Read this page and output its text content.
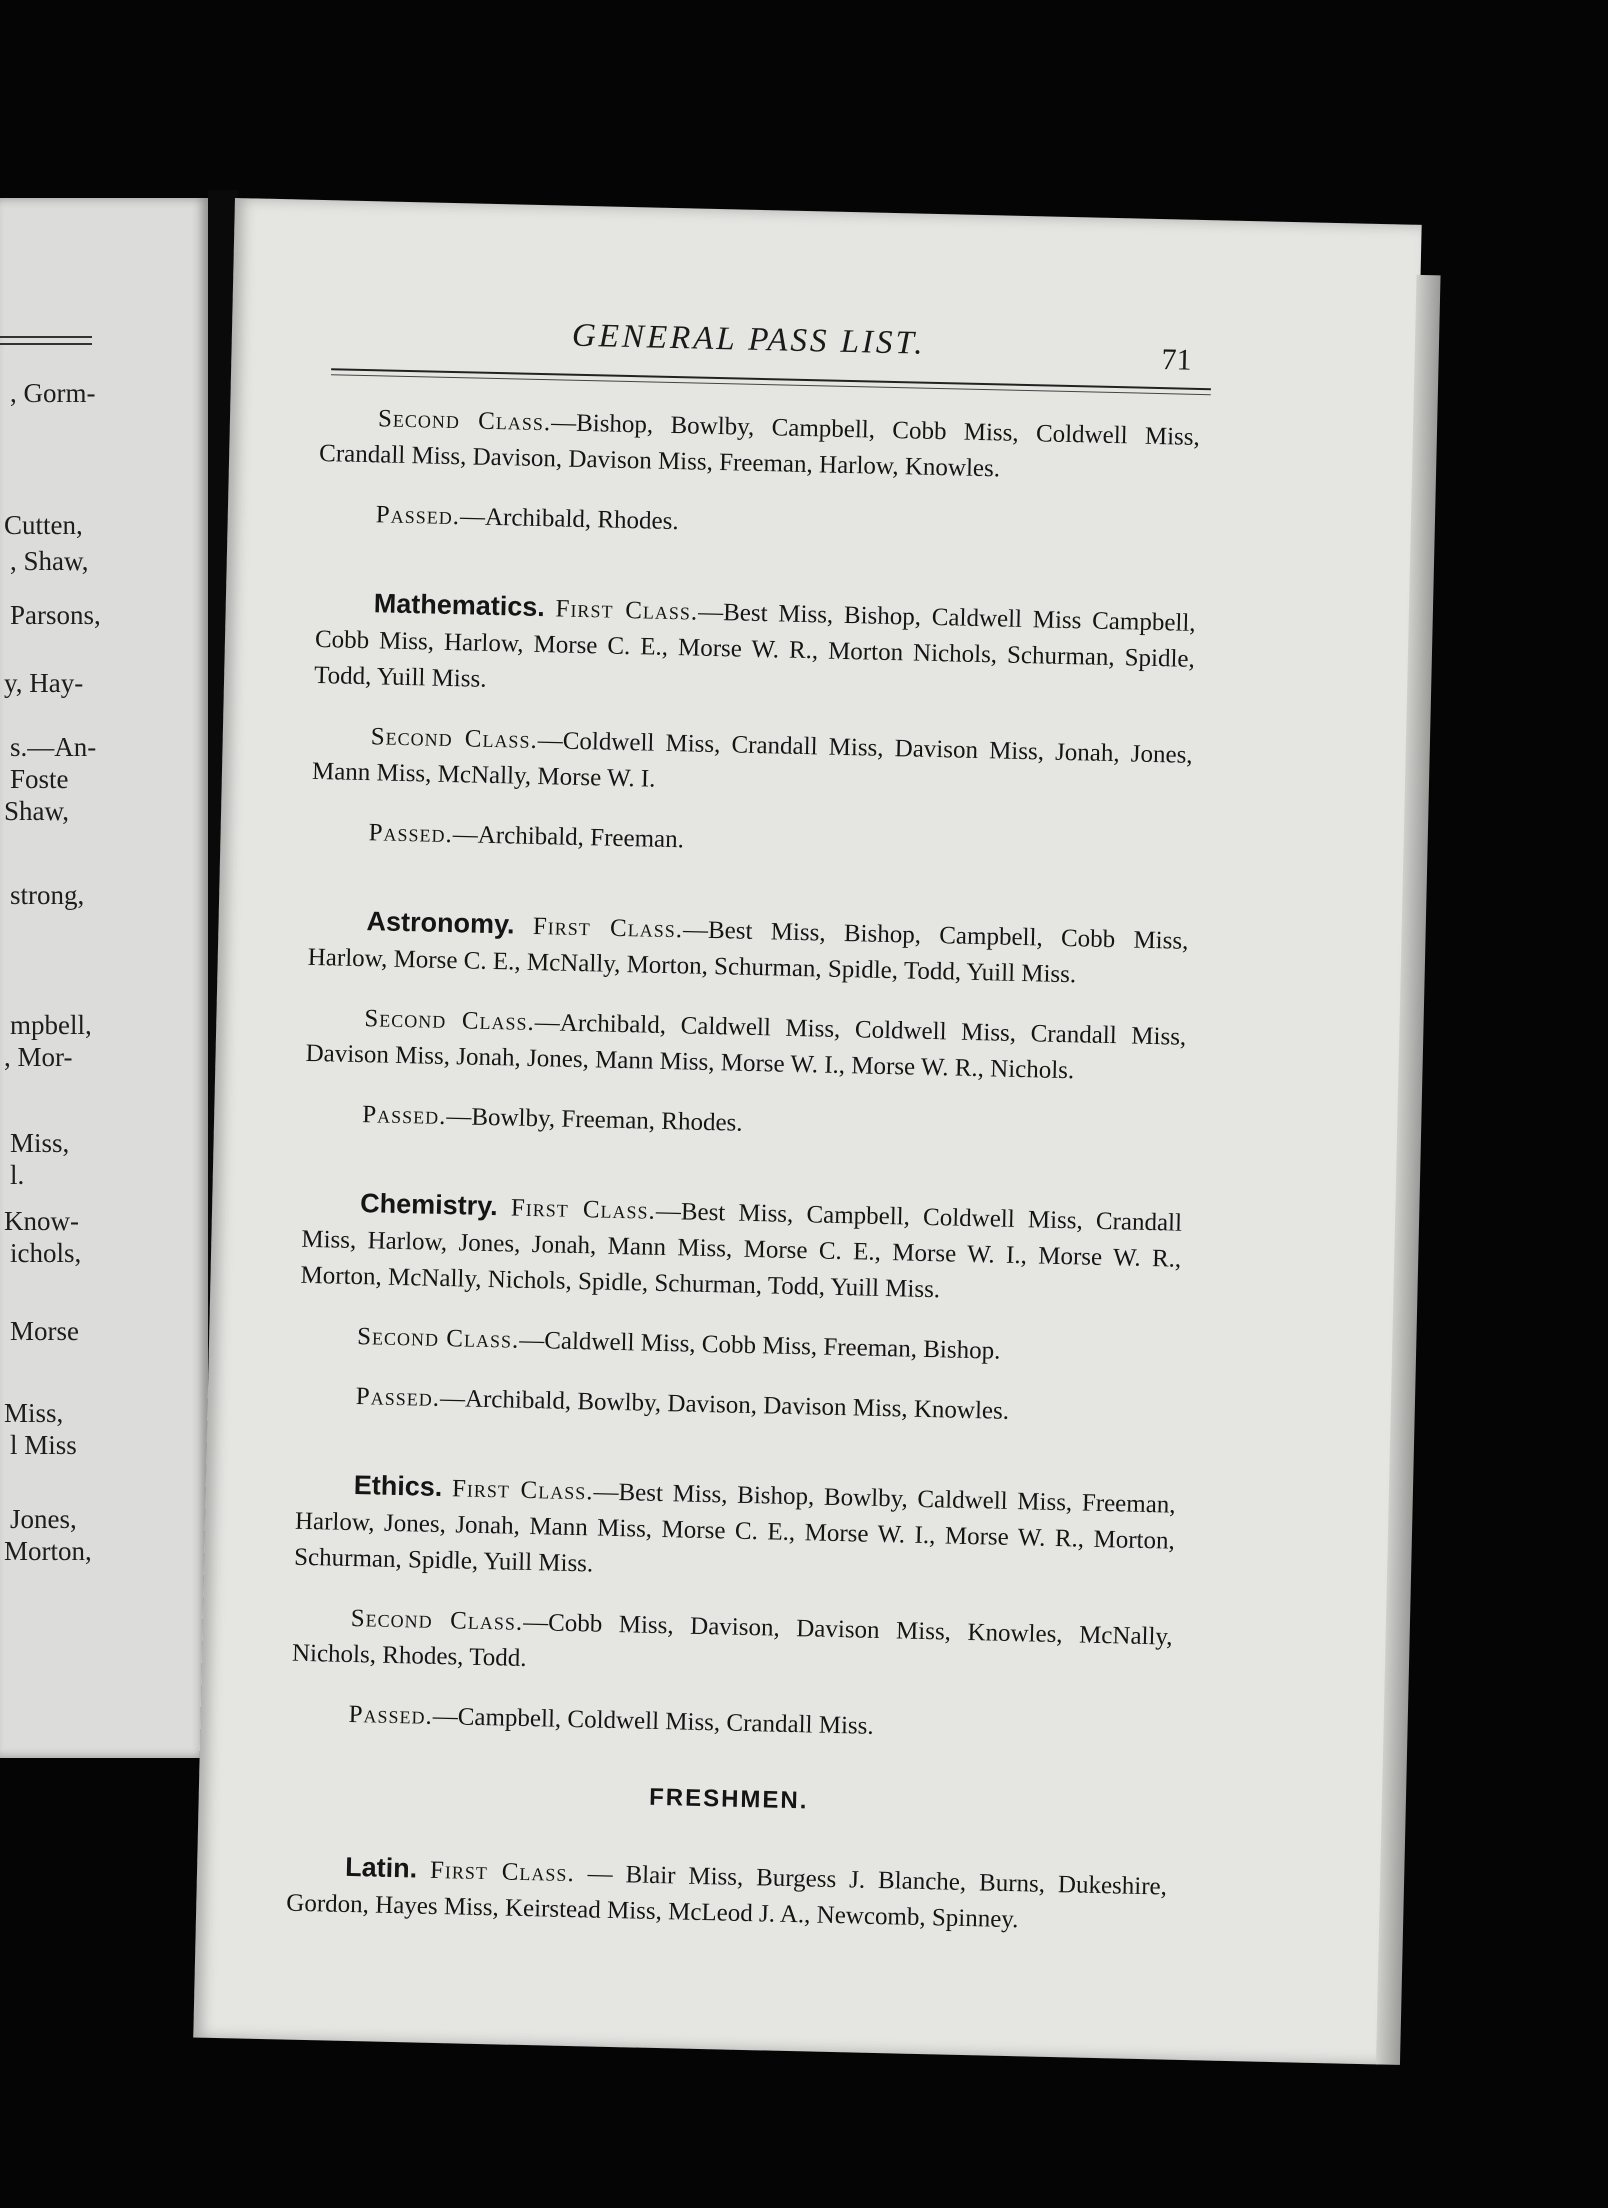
, Gorm-
Cutten,
, Shaw,
Parsons,
y, Hay-
s.—An-
Foste
Shaw,
strong,
mpbell,
, Mor-
Miss,
l.
Know-
ichols,
Morse
Miss,
l Miss
Jones,
Morton,
GENERAL PASS LIST.	71

Second Class.—Bishop, Bowlby, Campbell, Cobb Miss, Coldwell Miss, Crandall Miss, Davison, Davison Miss, Freeman, Harlow, Knowles.

Passed.—Archibald, Rhodes.

Mathematics. First Class.—Best Miss, Bishop, Caldwell Miss Campbell, Cobb Miss, Harlow, Morse C. E., Morse W. R., Morton Nichols, Schurman, Spidle, Todd, Yuill Miss.

Second Class.—Coldwell Miss, Crandall Miss, Davison Miss, Jonah, Jones, Mann Miss, McNally, Morse W. I.

Passed.—Archibald, Freeman.

Astronomy. First Class.—Best Miss, Bishop, Campbell, Cobb Miss, Harlow, Morse C. E., McNally, Morton, Schurman, Spidle, Todd, Yuill Miss.

Second Class.—Archibald, Caldwell Miss, Coldwell Miss, Crandall Miss, Davison Miss, Jonah, Jones, Mann Miss, Morse W. I., Morse W. R., Nichols.

Passed.—Bowlby, Freeman, Rhodes.

Chemistry. First Class.—Best Miss, Campbell, Coldwell Miss, Crandall Miss, Harlow, Jones, Jonah, Mann Miss, Morse C. E., Morse W. I., Morse W. R., Morton, McNally, Nichols, Spidle, Schurman, Todd, Yuill Miss.

Second Class.—Caldwell Miss, Cobb Miss, Freeman, Bishop.

Passed.—Archibald, Bowlby, Davison, Davison Miss, Knowles.

Ethics. First Class.—Best Miss, Bishop, Bowlby, Caldwell Miss, Freeman, Harlow, Jones, Jonah, Mann Miss, Morse C. E., Morse W. I., Morse W. R., Morton, Schurman, Spidle, Yuill Miss.

Second Class.—Cobb Miss, Davison, Davison Miss, Knowles, McNally, Nichols, Rhodes, Todd.

Passed.—Campbell, Coldwell Miss, Crandall Miss.

FRESHMEN.

Latin. First Class. — Blair Miss, Burgess J. Blanche, Burns, Dukeshire, Gordon, Hayes Miss, Keirstead Miss, McLeod J. A., Newcomb, Spinney.
